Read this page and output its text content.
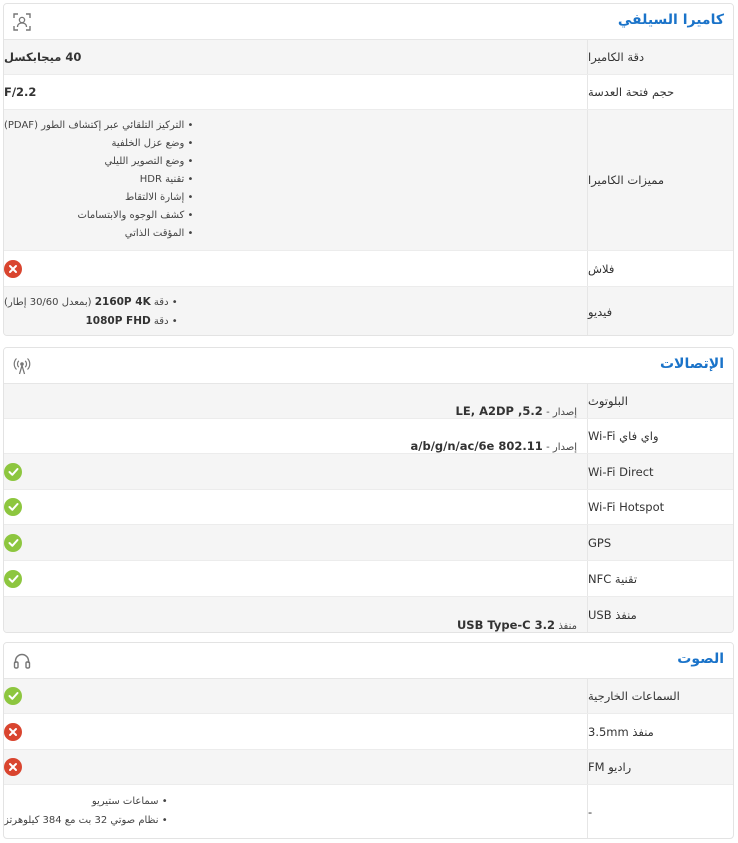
كاميرا السيلفي
دقة الكاميرا
40 ميجابكسل
حجم فتحة العدسة
F/2.2
مميزات الكاميرا
• التركيز التلقائي عبر إكتشاف الطور (PDAF)
• وضع عزل الخلفية
• وضع التصوير الليلي
• تقنية HDR
• إشارة الالتقاط
• كشف الوجوه والابتسامات
• المؤقت الذاتي
فلاش
فيديو
• دقة 2160P 4K (بمعدل 30/60 إطار)
• دقة 1080P FHD
الإتصالات
البلوتوث
إصدار -

5.2, LE, A2DP
واي فاي Wi-Fi
إصدار -

802.11 a/b/g/n/ac/6e
Wi-Fi Direct
Wi-Fi Hotspot
GPS
تقنية NFC
منفذ USB
منفذ

USB Type-C 3.2
الصوت
السماعات الخارجية
منفذ 3.5mm
راديو FM
-
• سماعات ستيريو
• نظام صوتي 32 بت مع 384 كيلوهرتز
